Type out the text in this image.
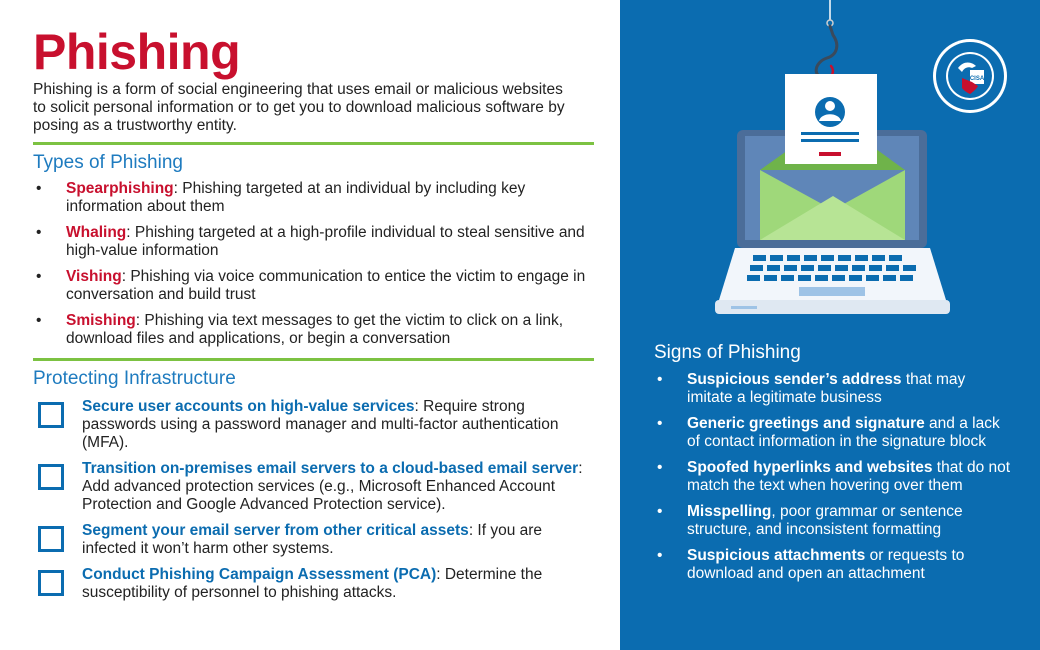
Phishing
Phishing is a form of social engineering that uses email or malicious websites to solicit personal information or to get you to download malicious software by posing as a trustworthy entity.
Types of Phishing
• Spearphishing: Phishing targeted at an individual by including key information about them
• Whaling: Phishing targeted at a high-profile individual to steal sensitive and high-value information
• Vishing: Phishing via voice communication to entice the victim to engage in conversation and build trust
• Smishing: Phishing via text messages to get the victim to click on a link, download files and applications, or begin a conversation
Protecting Infrastructure
Secure user accounts on high-value services: Require strong passwords using a password manager and multi-factor authentication (MFA).
Transition on-premises email servers to a cloud-based email server: Add advanced protection services (e.g., Microsoft Enhanced Account Protection and Google Advanced Protection service).
Segment your email server from other critical assets: If you are infected it won’t harm other systems.
Conduct Phishing Campaign Assessment (PCA): Determine the susceptibility of personnel to phishing attacks.
CISA
Signs of Phishing
• Suspicious sender’s address that may imitate a legitimate business
• Generic greetings and signature and a lack of contact information in the signature block
• Spoofed hyperlinks and websites that do not match the text when hovering over them
• Misspelling, poor grammar or sentence structure, and inconsistent formatting
• Suspicious attachments or requests to download and open an attachment
